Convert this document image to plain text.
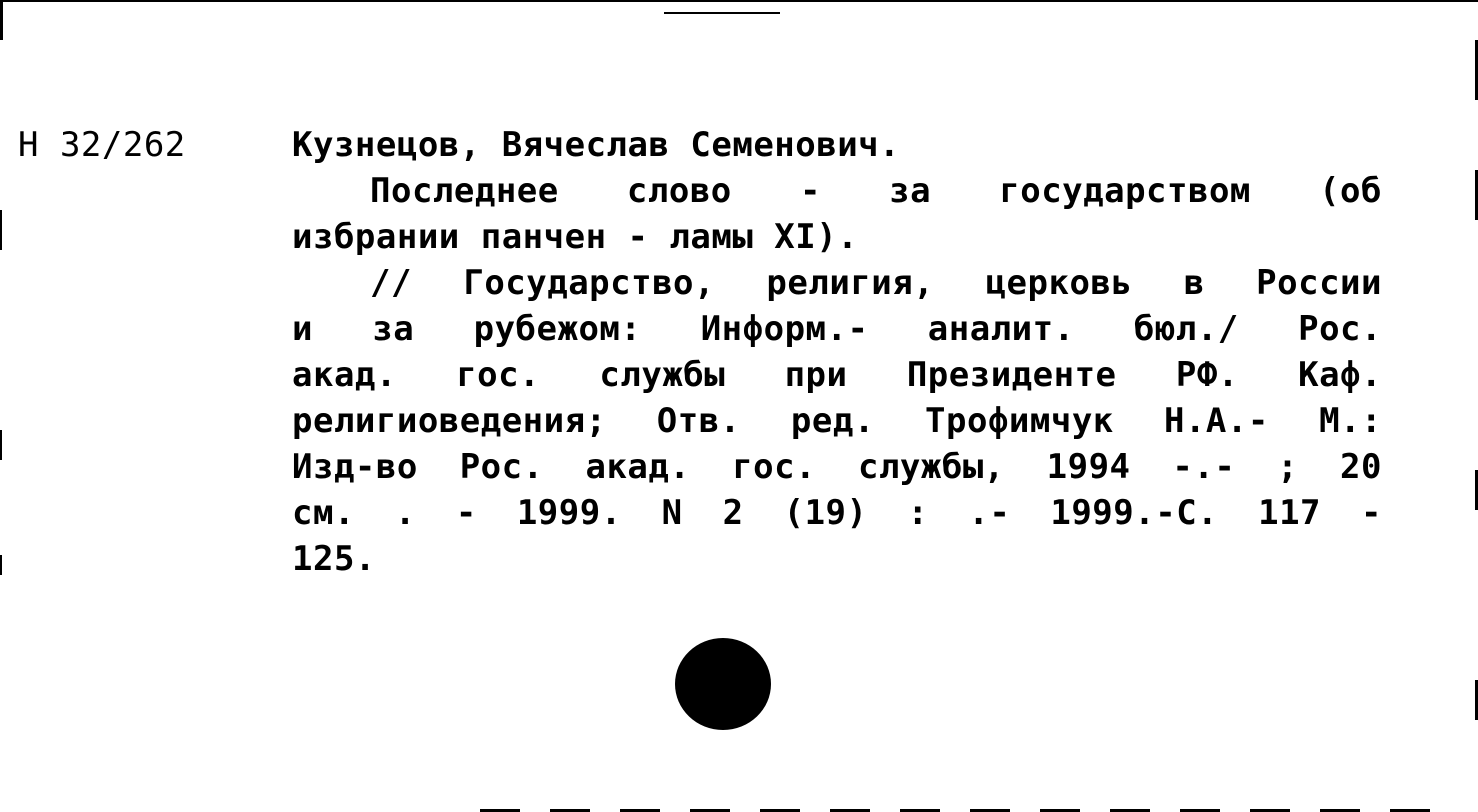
Н 32/262	Кузнецов, Вячеслав Семенович.
Последнее слово - за государством (об
избрании панчен - ламы XI).
// Государство, религия, церковь в России
и за рубежом: Информ.- аналит. бюл./ Рос.
акад. гос. службы при Президенте РФ. Каф.
религиоведения; Отв. ред. Трофимчук Н.А.- М.:
Изд-во Рос. акад. гос. службы, 1994 -.- ; 20
см. . - 1999. N 2 (19) : .- 1999.-С. 117 -
125.
